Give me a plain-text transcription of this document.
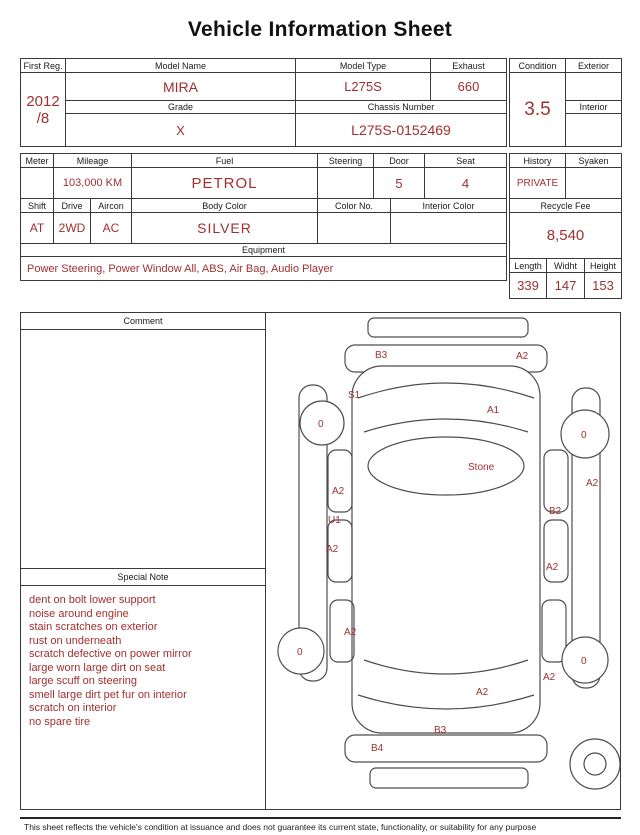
Vehicle Information Sheet
First Reg.	Model Name	Model Type	Exhaust

2012
/8	MIRA	L275S	660
	Grade	Chassis Number	
	X	L275S-0152469	
Condition	Exterior
3.5	
	Interior

Meter	Mileage	Fuel	Steering	Door	Seat
	103,000 KM	PETROL		5	4
Shift	Drive	Aircon	Body Color	Color No.	Interior Color
AT	2WD	AC	SILVER		
Equipment
Power Steering, Power Window All, ABS, Air Bag, Audio Player
History	Syaken
PRIVATE	
Recycle Fee	
8,540	
Length	Widht	Height
339	147	153
Comment
Special Note
dent on bolt lower support
noise around engine
stain scratches on exterior
rust on underneath
scratch defective on power mirror
large worn large dirt on seat
large scuff on steering
smell large dirt pet fur on interior
scratch on interior
no spare tire
B3	A2
S1
A1
0
0
Stone
A2
A2
U1
B2
A2
A2
A2
0
0
A2
A2
B3
B4
This sheet reflects the vehicle's condition at issuance and does not guarantee its current state, functionality, or suitability for any purpose
